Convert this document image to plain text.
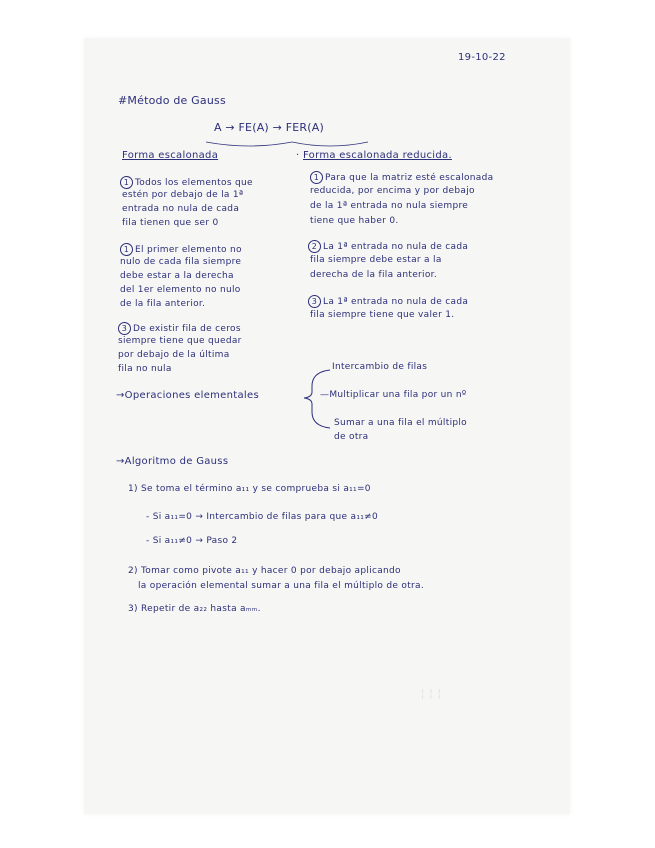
╎ ╎ ╎
19-10-22
#Método de Gauss
A → FE(A) → FER(A)
Forma escalonada
1 Todos los elementos que
estén por debajo de la 1ª
entrada no nula de cada
fila tienen que ser 0
1 El primer elemento no
nulo de cada fila siempre
debe estar a la derecha
del 1er elemento no nulo
de la fila anterior.
3 De existir fila de ceros
siempre tiene que quedar
por debajo de la última
fila no nula
· Forma escalonada reducida.
1 Para que la matriz esté escalonada
reducida, por encima y por debajo
de la 1ª entrada no nula siempre
tiene que haber 0.
2 La 1ª entrada no nula de cada
fila siempre debe estar a la
derecha de la fila anterior.
3 La 1ª entrada no nula de cada
fila siempre tiene que valer 1.
→Operaciones elementales
Intercambio de filas
—Multiplicar una fila por un nº
Sumar a una fila el múltiplo
de otra
→Algoritmo de Gauss
1) Se toma el término a₁₁ y se comprueba si a₁₁=0
- Si a₁₁=0 → Intercambio de filas para que a₁₁≠0
- Si a₁₁≠0 → Paso 2
2) Tomar como pivote a₁₁ y hacer 0 por debajo aplicando
la operación elemental sumar a una fila el múltiplo de otra.
3) Repetir de a₂₂ hasta aₘₘ.
